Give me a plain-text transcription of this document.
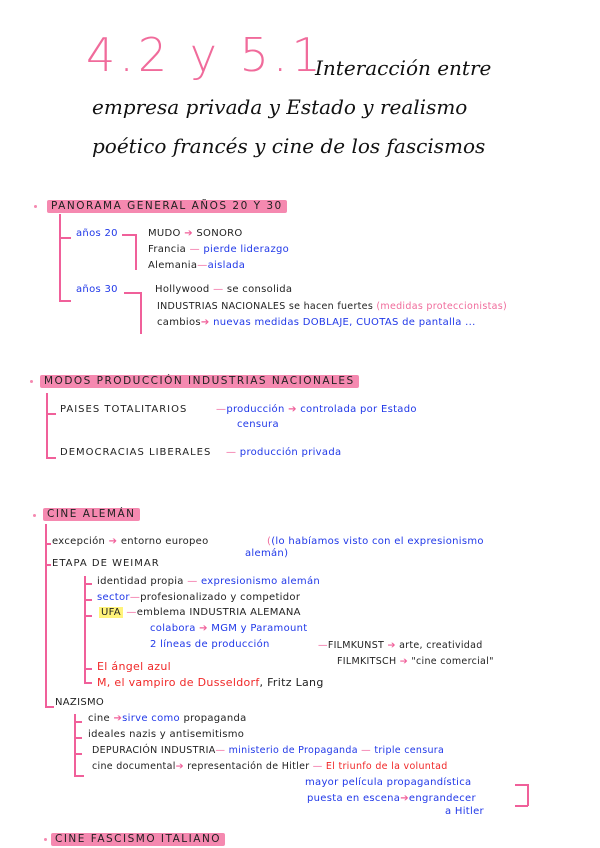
4.2 y 5.1
Interacción entre
empresa privada y Estado y realismo
poético francés y cine de los fascismos
PANORAMA GENERAL AÑOS 20 Y 30
años 20	MUDO ➔ SONORO
Francia — pierde liderazgo
Alemania—aislada
años 30	Hollywood — se consolida
INDUSTRIAS NACIONALES se hacen fuertes (medidas proteccionistas)
cambios➔ nuevas medidas DOBLAJE, CUOTAS de pantalla ...
MODOS PRODUCCIÓN INDUSTRIAS NACIONALES
PAISES TOTALITARIOS	—producción ➔ controlada por Estado
censura
DEMOCRACIAS LIBERALES — producción privada
CINE ALEMÁN
excepción ➔ entorno europeo	((lo habíamos visto con el expresionismo
alemán)
ETAPA DE WEIMAR
identidad propia — expresionismo alemán
sector—profesionalizado y competidor
UFA —emblema INDUSTRIA ALEMANA
colabora ➔ MGM y Paramount
2 líneas de producción	—FILMKUNST ➔ arte, creatividad
FILMKITSCH ➔ "cine comercial"
El ángel azul
M, el vampiro de Dusseldorf, Fritz Lang
NAZISMO
cine ➔sirve como propaganda
ideales nazis y antisemitismo
DEPURACIÓN INDUSTRIA— ministerio de Propaganda — triple censura
cine documental➔ representación de Hitler — El triunfo de la voluntad
mayor película propagandística
puesta en escena➔engrandecer
a Hitler
CINE FASCISMO ITALIANO
